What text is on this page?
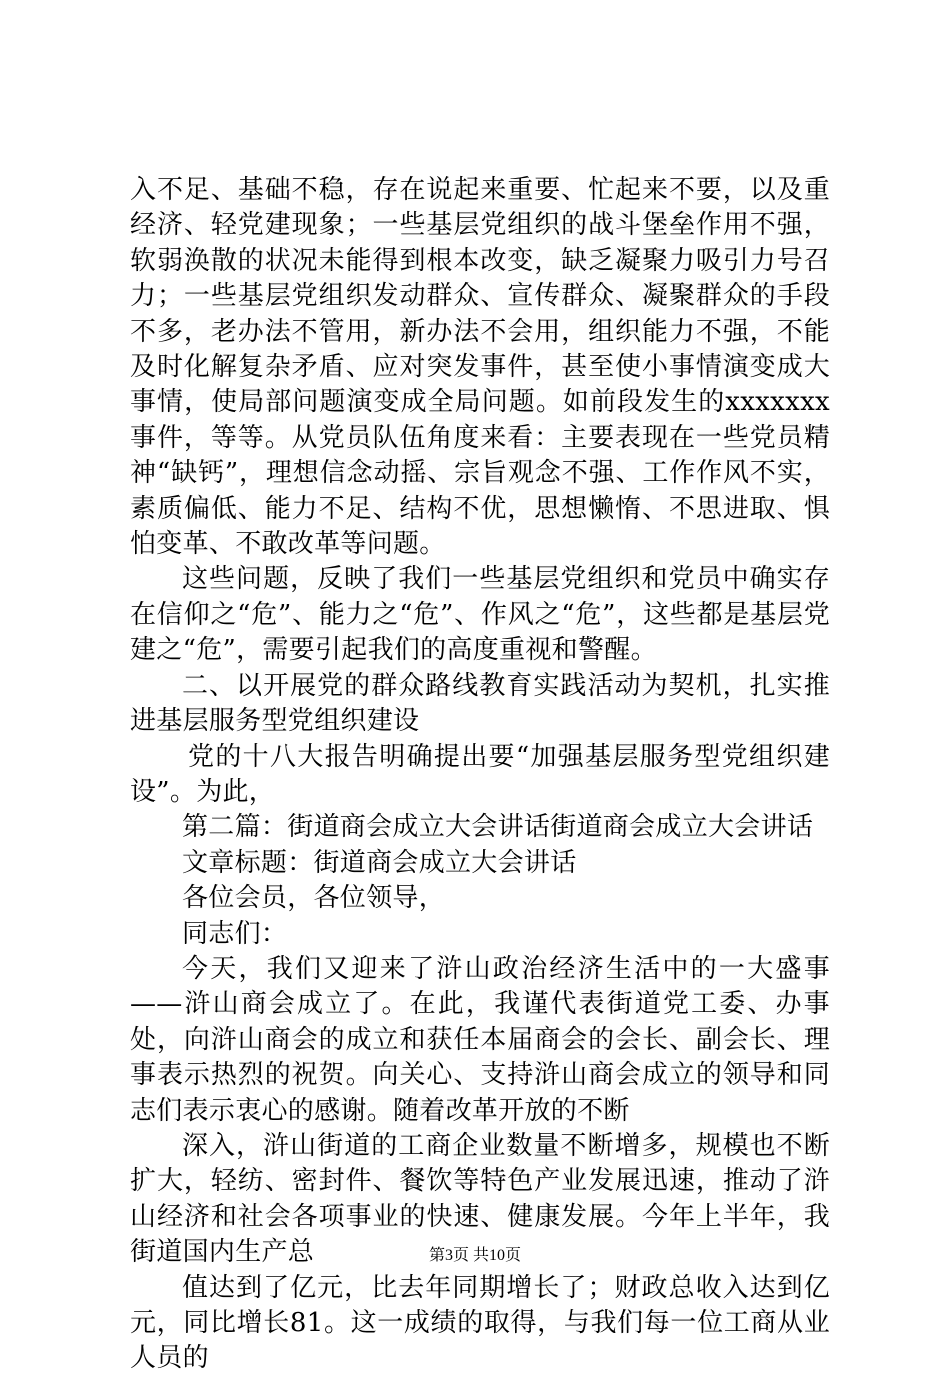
入不足、基础不稳，存在说起来重要、忙起来不要，以及重经济、轻党建现象；一些基层党组织的战斗堡垒作用不强，软弱涣散的状况未能得到根本改变，缺乏凝聚力吸引力号召力；一些基层党组织发动群众、宣传群众、凝聚群众的手段不多，老办法不管用，新办法不会用，组织能力不强，不能及时化解复杂矛盾、应对突发事件，甚至使小事情演变成大事情，使局部问题演变成全局问题。如前段发生的xxxxxxx事件，等等。从党员队伍角度来看：主要表现在一些党员精神“缺钙”，理想信念动摇、宗旨观念不强、工作作风不实，素质偏低、能力不足、结构不优，思想懒惰、不思进取、惧怕变革、不敢改革等问题。

这些问题，反映了我们一些基层党组织和党员中确实存在信仰之“危”、能力之“危”、作风之“危”，这些都是基层党建之“危”，需要引起我们的高度重视和警醒。

二、以开展党的群众路线教育实践活动为契机，扎实推进基层服务型党组织建设

党的十八大报告明确提出要“加强基层服务型党组织建设”。为此，

第二篇：街道商会成立大会讲话街道商会成立大会讲话

文章标题：街道商会成立大会讲话

各位会员，各位领导，

同志们：

今天，我们又迎来了浒山政治经济生活中的一大盛事——浒山商会成立了。在此，我谨代表街道党工委、办事处，向浒山商会的成立和获任本届商会的会长、副会长、理事表示热烈的祝贺。向关心、支持浒山商会成立的领导和同志们表示衷心的感谢。随着改革开放的不断

深入，浒山街道的工商企业数量不断增多，规模也不断扩大，轻纺、密封件、餐饮等特色产业发展迅速，推动了浒山经济和社会各项事业的快速、健康发展。今年上半年，我街道国内生产总

值达到了亿元，比去年同期增长了；财政总收入达到亿元，同比增长81。这一成绩的取得，与我们每一位工商从业人员的

第3页 共10页
